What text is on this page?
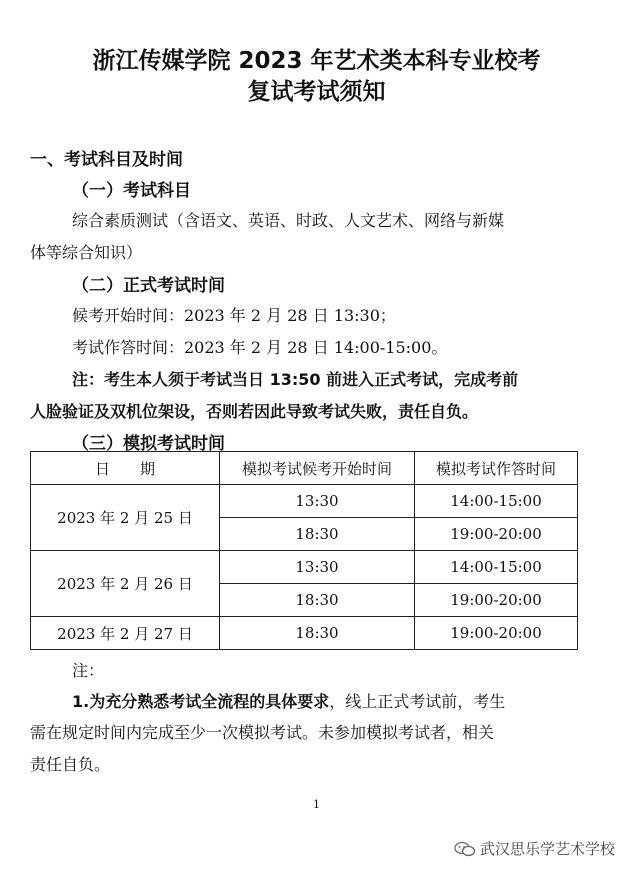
浙江传媒学院 2023 年艺术类本科专业校考
复试考试须知
一、考试科目及时间
（一）考试科目
综合素质测试（含语文、英语、时政、人文艺术、网络与新媒
体等综合知识）
（二）正式考试时间
候考开始时间：2023 年 2 月 28 日 13:30；
考试作答时间：2023 年 2 月 28 日 14:00-15:00。
注：考生本人须于考试当日 13:50 前进入正式考试，完成考前
人脸验证及双机位架设，否则若因此导致考试失败，责任自负。
（三）模拟考试时间
日　　期	模拟考试候考开始时间	模拟考试作答时间
2023 年 2 月 25 日	13:30	14:00-15:00
	18:30	19:00-20:00
2023 年 2 月 26 日	13:30	14:00-15:00
	18:30	19:00-20:00
2023 年 2 月 27 日	18:30	19:00-20:00
注：
1.为充分熟悉考试全流程的具体要求，线上正式考试前，考生
需在规定时间内完成至少一次模拟考试。未参加模拟考试者，相关
责任自负。
1
武汉思乐学艺术学校
